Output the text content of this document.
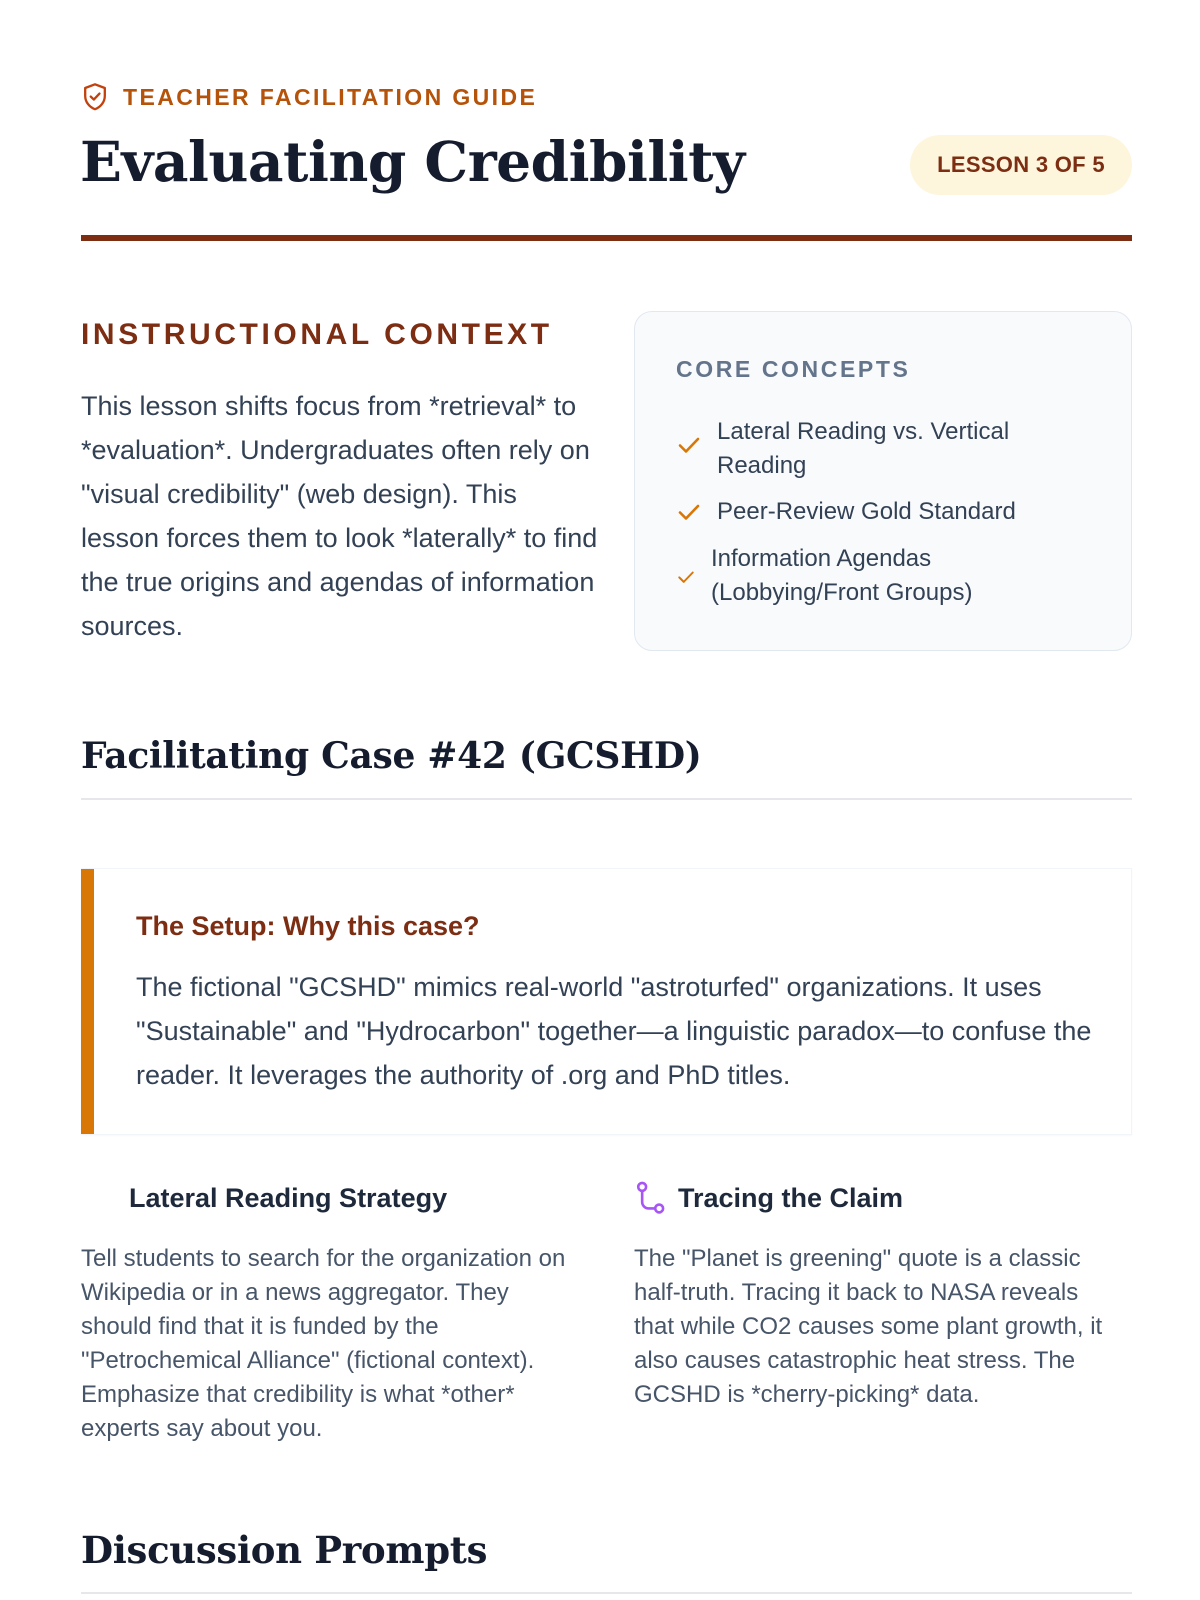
TEACHER FACILITATION GUIDE
Evaluating Credibility	LESSON 3 OF 5
INSTRUCTIONAL CONTEXT

This lesson shifts focus from *retrieval* to *evaluation*. Undergraduates often rely on "visual credibility" (web design). This lesson forces them to look *laterally* to find the true origins and agendas of information sources.

CORE CONCEPTS
Lateral Reading vs. Vertical Reading
Peer-Review Gold Standard
Information Agendas (Lobbying/Front Groups)
Facilitating Case #42 (GCSHD)
The Setup: Why this case?

The fictional "GCSHD" mimics real-world "astroturfed" organizations. It uses "Sustainable" and "Hydrocarbon" together—a linguistic paradox—to confuse the reader. It leverages the authority of .org and PhD titles.

Lateral Reading Strategy

Tell students to search for the organization on Wikipedia or in a news aggregator. They should find that it is funded by the "Petrochemical Alliance" (fictional context). Emphasize that credibility is what *other* experts say about you.

Tracing the Claim

The "Planet is greening" quote is a classic half-truth. Tracing it back to NASA reveals that while CO2 causes some plant growth, it also causes catastrophic heat stress. The GCSHD is *cherry-picking* data.

Discussion Prompts
